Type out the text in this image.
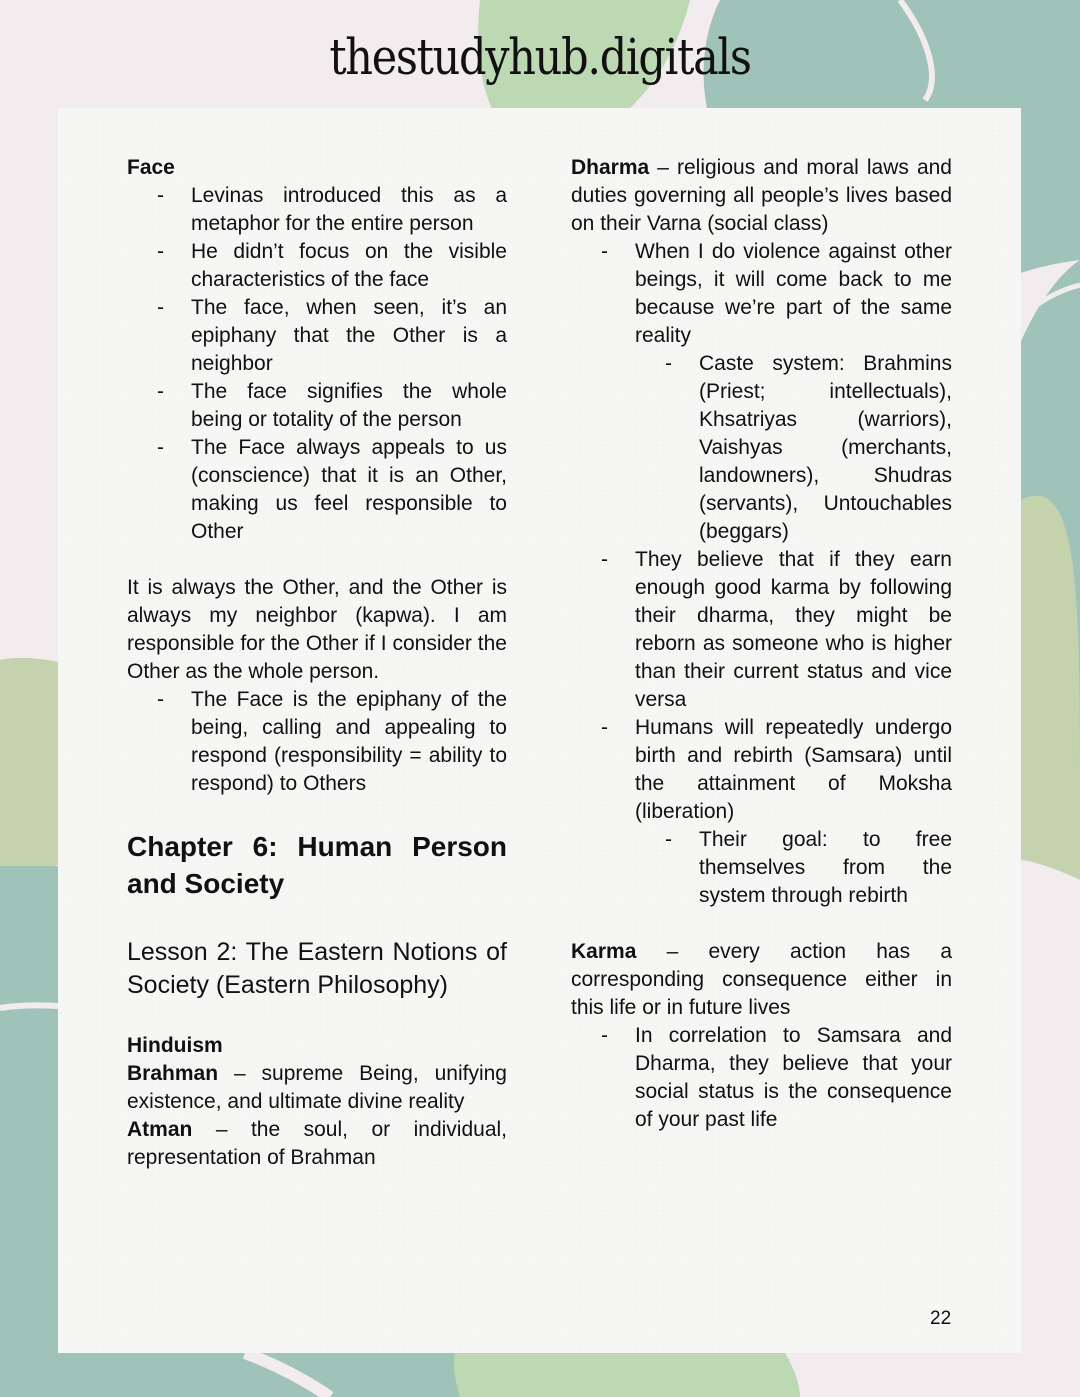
thestudyhub.digitals

Face

- Levinas introduced this as a metaphor for the entire person

- He didn’t focus on the visible characteristics of the face

- The face, when seen, it’s an epiphany that the Other is a neighbor

- The face signifies the whole being or totality of the person

- The Face always appeals to us (conscience) that it is an Other, making us feel responsible to Other

It is always the Other, and the Other is always my neighbor (kapwa). I am responsible for the Other if I consider the Other as the whole person.

- The Face is the epiphany of the being, calling and appealing to respond (responsibility = ability to respond) to Others

Chapter 6: Human Person and Society

Lesson 2: The Eastern Notions of Society (Eastern Philosophy)

Hinduism

Brahman – supreme Being, unifying existence, and ultimate divine reality

Atman – the soul, or individual, representation of Brahman

Dharma – religious and moral laws and duties governing all people’s lives based on their Varna (social class)

- When I do violence against other beings, it will come back to me because we’re part of the same reality

- Caste system: Brahmins (Priest; intellectuals), Khsatriyas (warriors), Vaishyas (merchants, landowners), Shudras (servants), Untouchables (beggars)

- They believe that if they earn enough good karma by following their dharma, they might be reborn as someone who is higher than their current status and vice versa

- Humans will repeatedly undergo birth and rebirth (Samsara) until the attainment of Moksha (liberation)

- Their goal: to free themselves from the system through rebirth

Karma – every action has a corresponding consequence either in this life or in future lives

- In correlation to Samsara and Dharma, they believe that your social status is the consequence of your past life

22
